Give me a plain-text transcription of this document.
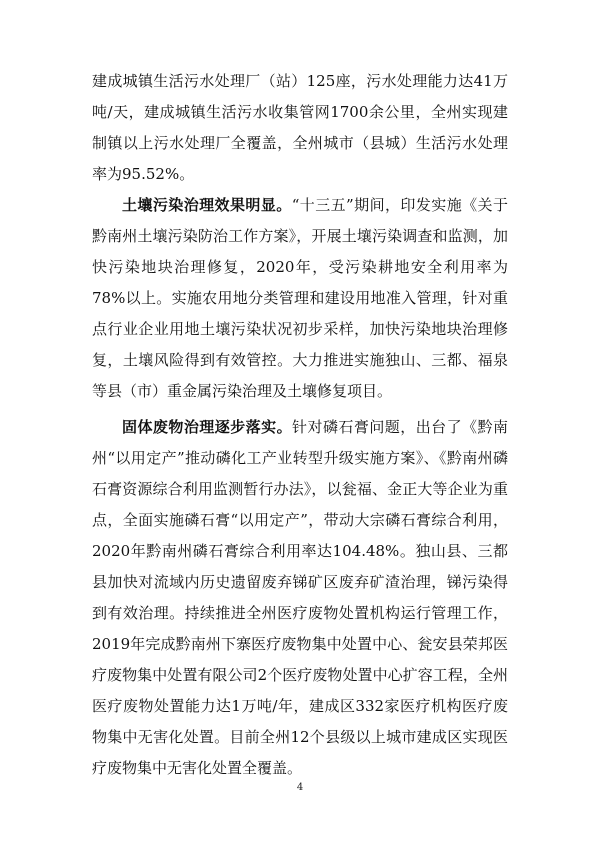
建成城镇生活污水处理厂（站）125座，污水处理能力达41万吨/天，建成城镇生活污水收集管网1700余公里，全州实现建制镇以上污水处理厂全覆盖，全州城市（县城）生活污水处理率为95.52%。
土壤污染治理效果明显。“十三五”期间，印发实施《关于黔南州土壤污染防治工作方案》，开展土壤污染调查和监测，加快污染地块治理修复，2020年，受污染耕地安全利用率为78%以上。实施农用地分类管理和建设用地准入管理，针对重点行业企业用地土壤污染状况初步采样，加快污染地块治理修复，土壤风险得到有效管控。大力推进实施独山、三都、福泉等县（市）重金属污染治理及土壤修复项目。
固体废物治理逐步落实。针对磷石膏问题，出台了《黔南州“以用定产”推动磷化工产业转型升级实施方案》、《黔南州磷石膏资源综合利用监测暂行办法》，以瓮福、金正大等企业为重点，全面实施磷石膏“以用定产”，带动大宗磷石膏综合利用，2020年黔南州磷石膏综合利用率达104.48%。独山县、三都县加快对流域内历史遗留废弃锑矿区废弃矿渣治理，锑污染得到有效治理。持续推进全州医疗废物处置机构运行管理工作，2019年完成黔南州下寨医疗废物集中处置中心、瓮安县荣邦医疗废物集中处置有限公司2个医疗废物处置中心扩容工程，全州医疗废物处置能力达1万吨/年，建成区332家医疗机构医疗废物集中无害化处置。目前全州12个县级以上城市建成区实现医疗废物集中无害化处置全覆盖。
4
